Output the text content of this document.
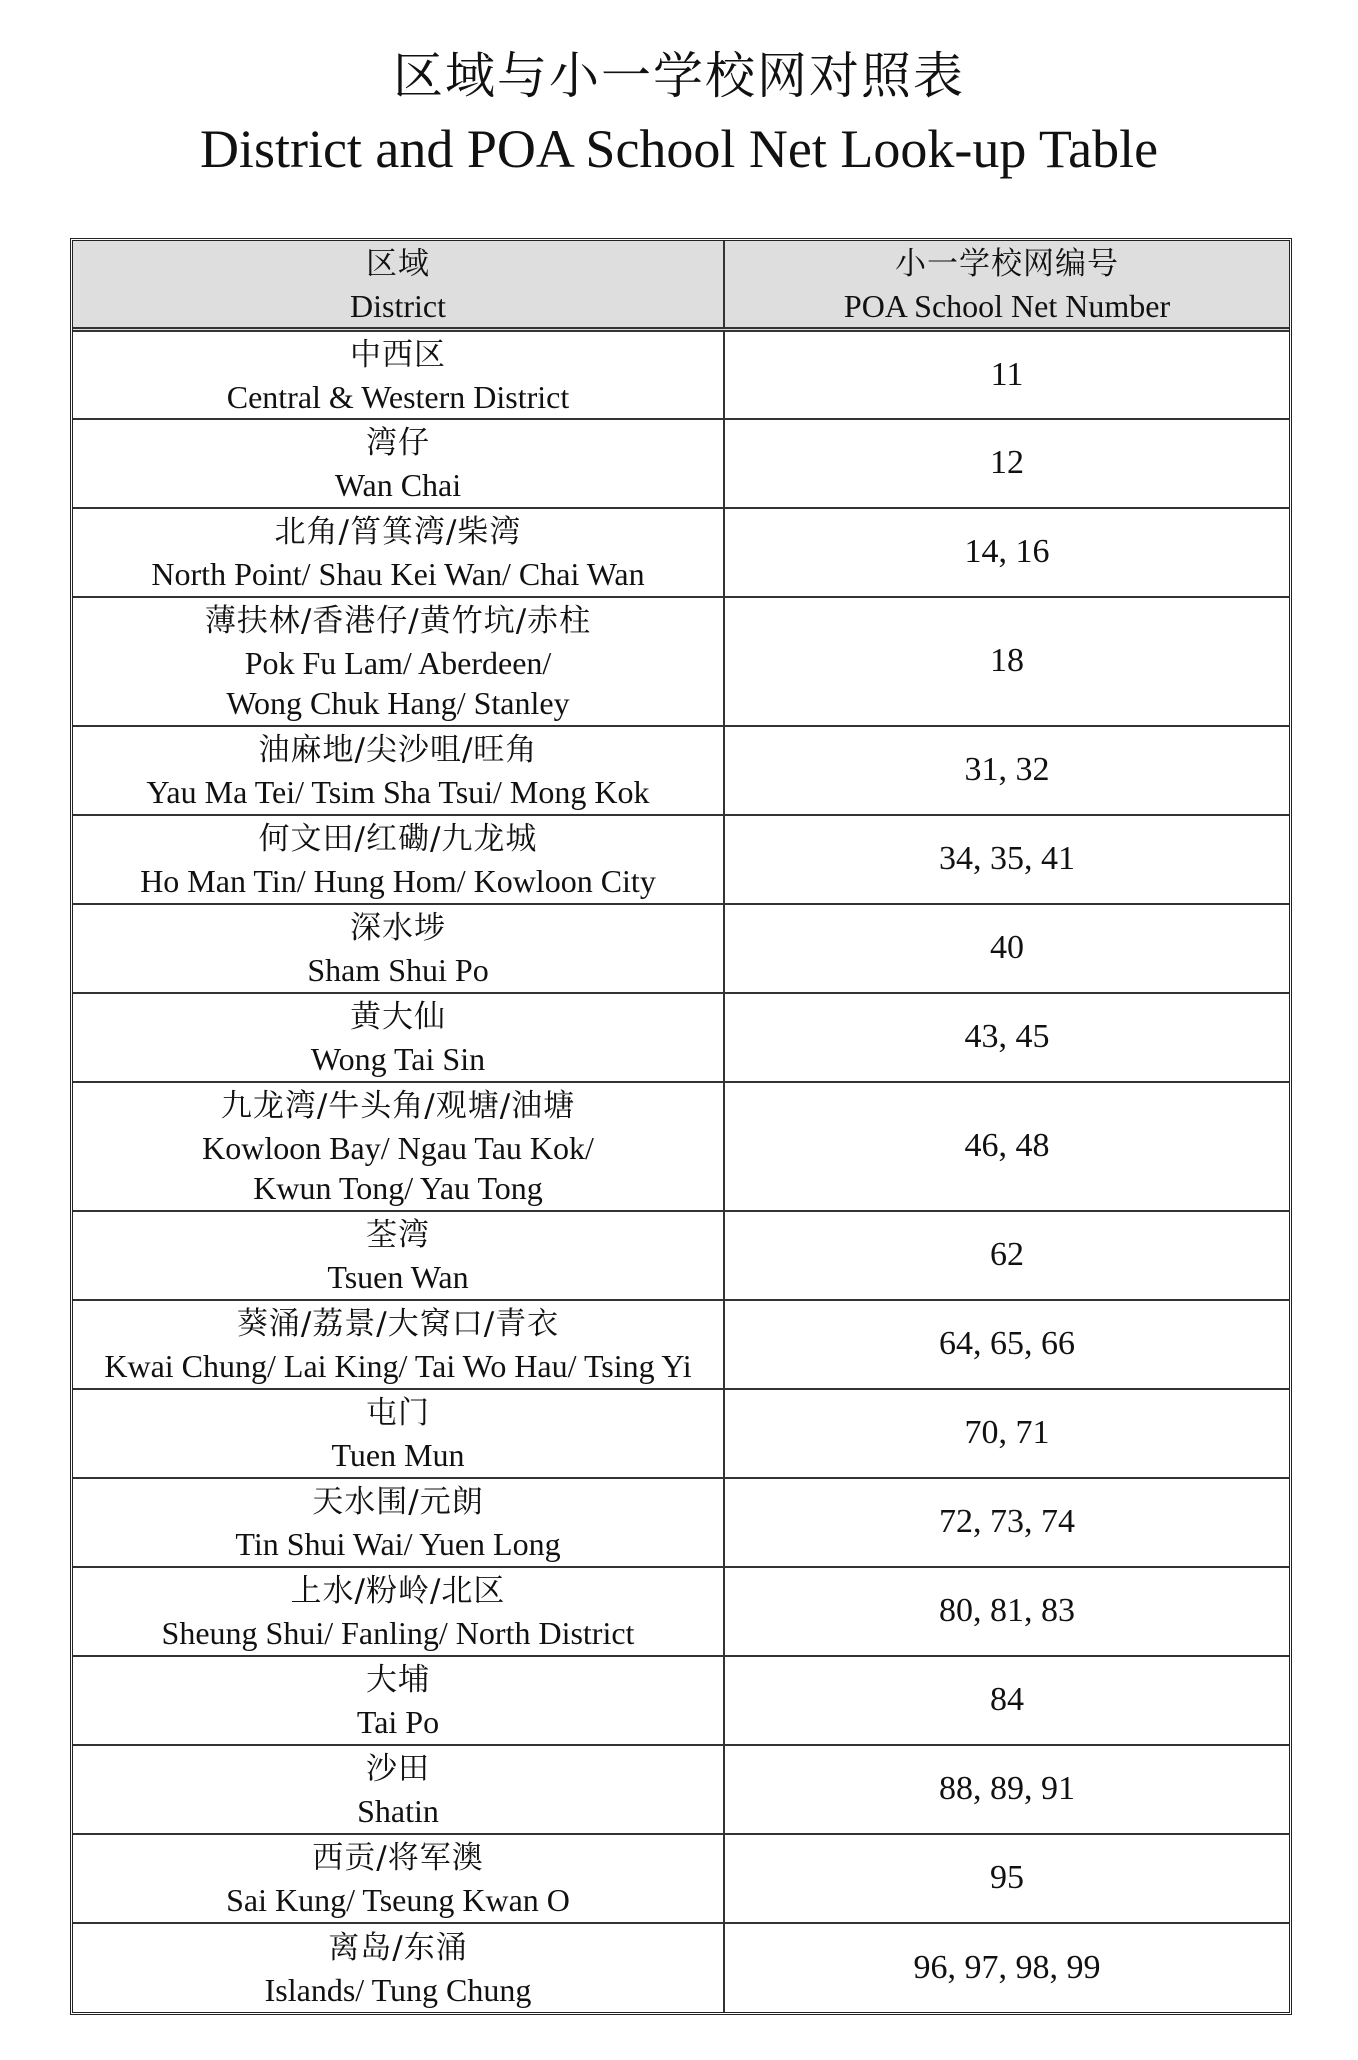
区域与小一学校网对照表
District and POA School Net Look-up Table
区域
District	小一学校网编号
POA School Net Number

中西区
Central & Western District	11

湾仔
Wan Chai	12

北角/筲箕湾/柴湾
North Point/ Shau Kei Wan/ Chai Wan	14, 16

薄扶林/香港仔/黄竹坑/赤柱
Pok Fu Lam/ Aberdeen/
Wong Chuk Hang/ Stanley	18

油麻地/尖沙咀/旺角
Yau Ma Tei/ Tsim Sha Tsui/ Mong Kok	31, 32

何文田/红磡/九龙城
Ho Man Tin/ Hung Hom/ Kowloon City	34, 35, 41

深水埗
Sham Shui Po	40

黄大仙
Wong Tai Sin	43, 45

九龙湾/牛头角/观塘/油塘
Kowloon Bay/ Ngau Tau Kok/
Kwun Tong/ Yau Tong	46, 48

荃湾
Tsuen Wan	62

葵涌/荔景/大窝口/青衣
Kwai Chung/ Lai King/ Tai Wo Hau/ Tsing Yi	64, 65, 66

屯门
Tuen Mun	70, 71

天水围/元朗
Tin Shui Wai/ Yuen Long	72, 73, 74

上水/粉岭/北区
Sheung Shui/ Fanling/ North District	80, 81, 83

大埔
Tai Po	84

沙田
Shatin	88, 89, 91

西贡/将军澳
Sai Kung/ Tseung Kwan O	95

离岛/东涌
Islands/ Tung Chung	96, 97, 98, 99
